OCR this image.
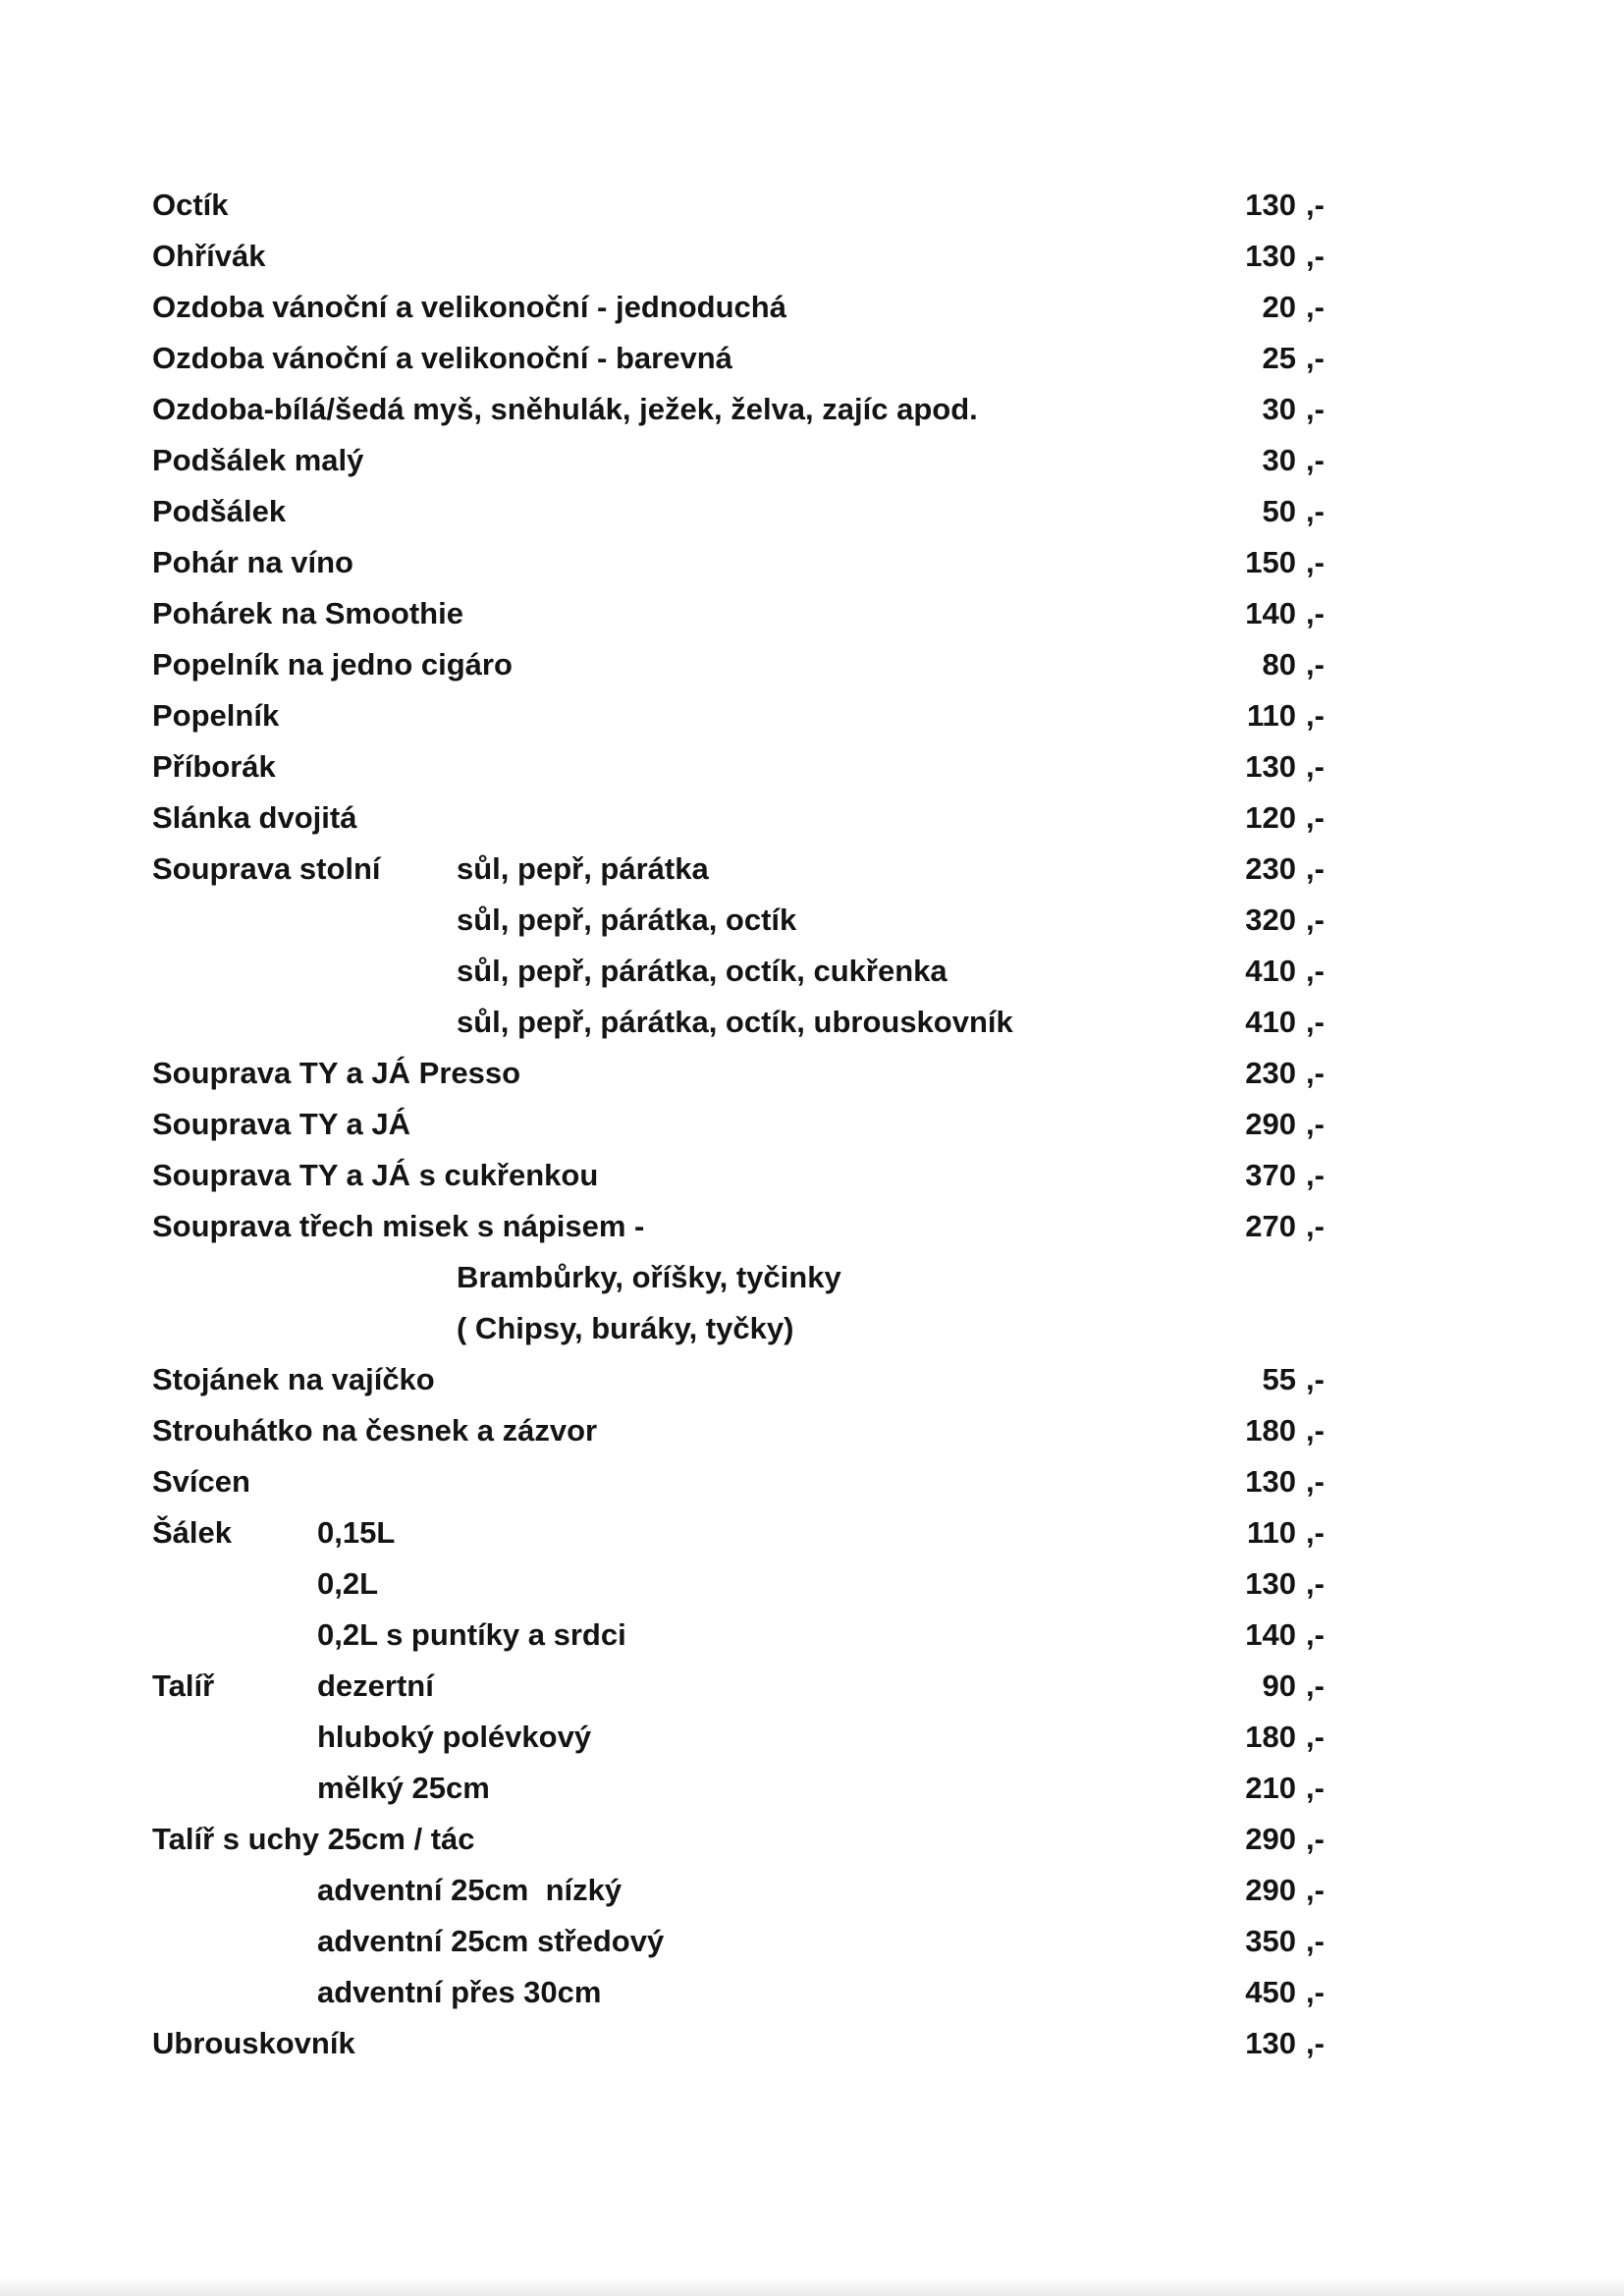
Octík	130 ,-
Ohřívák	130 ,-
Ozdoba vánoční a velikonoční - jednoduchá	20 ,-
Ozdoba vánoční a velikonoční - barevná	25 ,-
Ozdoba-bílá/šedá myš, sněhulák, ježek, želva, zajíc apod.	30 ,-
Podšálek malý	30 ,-
Podšálek	50 ,-
Pohár na víno	150 ,-
Pohárek na Smoothie	140 ,-
Popelník na jedno cigáro	80 ,-
Popelník	110 ,-
Příborák	130 ,-
Slánka dvojitá	120 ,-
Souprava stolní sůl, pepř, párátka	230 ,-
sůl, pepř, párátka, octík	320 ,-
sůl, pepř, párátka, octík, cukřenka	410 ,-
sůl, pepř, párátka, octík, ubrouskovník	410 ,-
Souprava TY a JÁ Presso	230 ,-
Souprava TY a JÁ	290 ,-
Souprava TY a JÁ s cukřenkou	370 ,-
Souprava třech misek s nápisem -	270 ,-
Brambůrky, oříšky, tyčinky
( Chipsy, buráky, tyčky)
Stojánek na vajíčko	55 ,-
Strouhátko na česnek a zázvor	180 ,-
Svícen	130 ,-
Šálek	0,15L	110 ,-
0,2L	130 ,-
0,2L s puntíky a srdci	140 ,-
Talíř	dezertní	90 ,-
hluboký polévkový	180 ,-
mělký 25cm	210 ,-
Talíř s uchy 25cm / tác	290 ,-
adventní 25cm  nízký	290 ,-
adventní 25cm středový	350 ,-
adventní přes 30cm	450 ,-
Ubrouskovník	130 ,-
